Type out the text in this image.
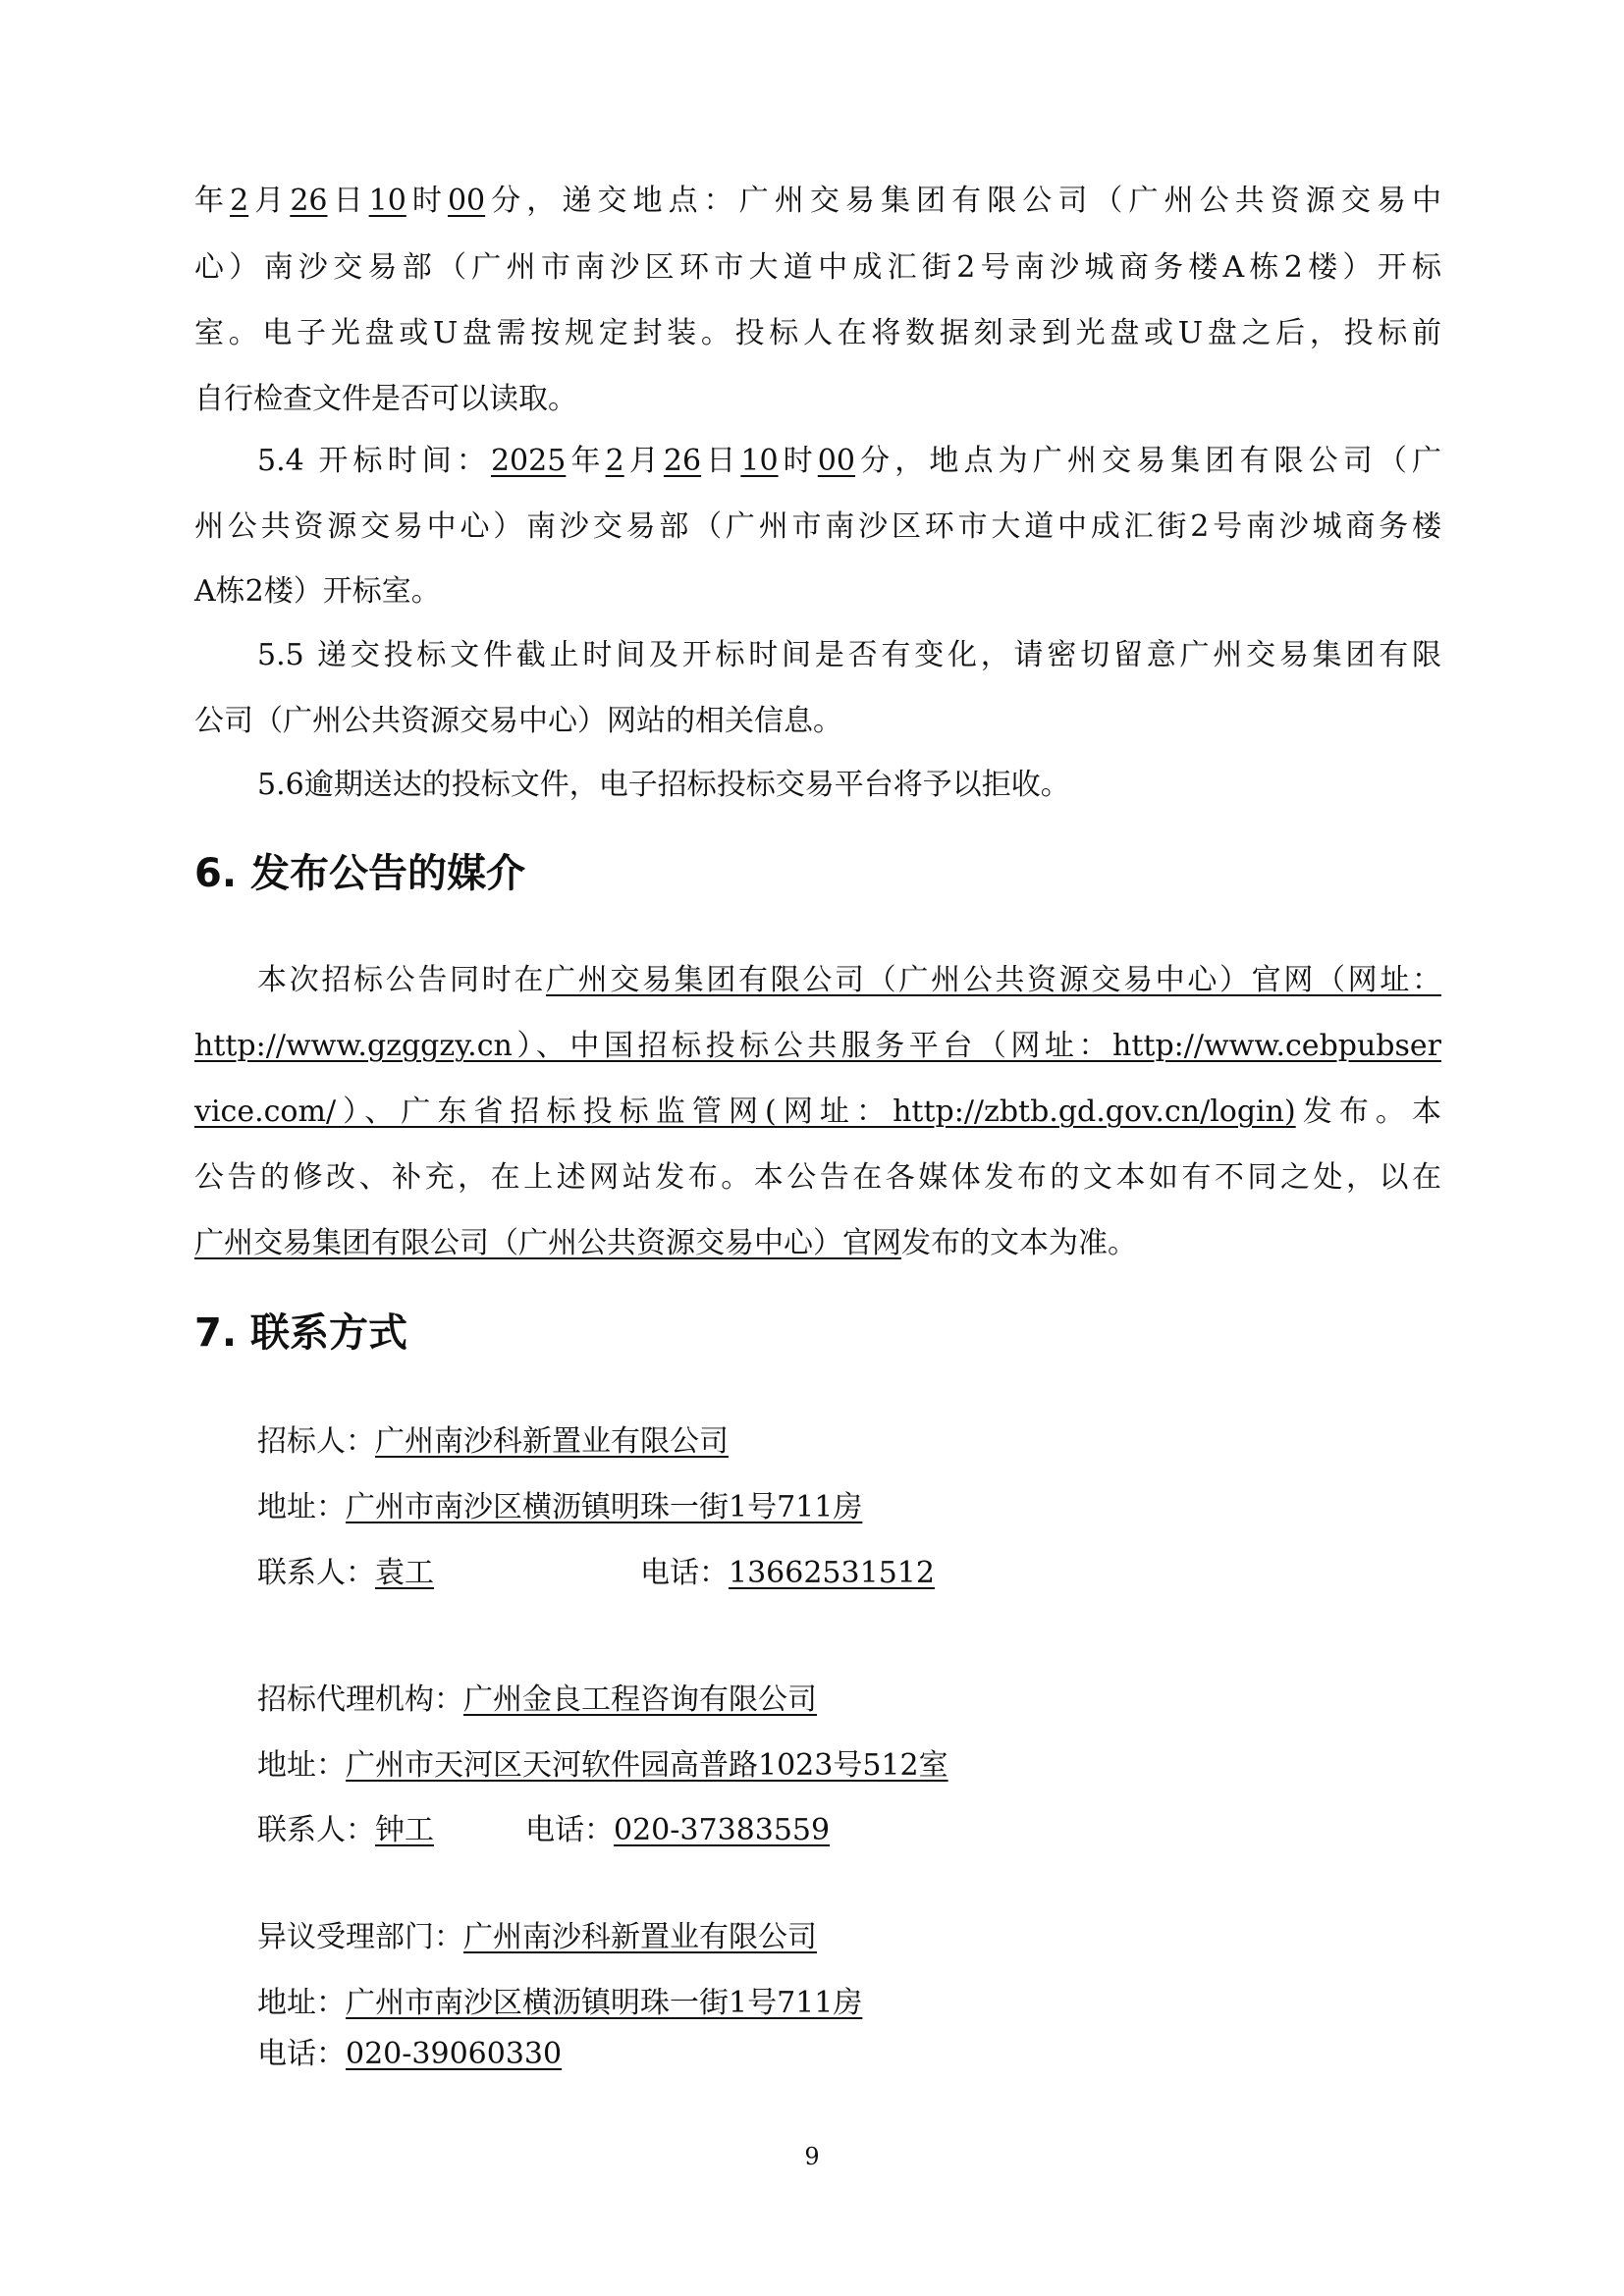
年2月26日10时00分，递交地点：广州交易集团有限公司（广州公共资源交易中
心）南沙交易部（广州市南沙区环市大道中成汇街2号南沙城商务楼A栋2楼）开标
室。电子光盘或U盘需按规定封装。投标人在将数据刻录到光盘或U盘之后，投标前
自行检查文件是否可以读取。
5.4 开标时间：2025年2月26日10时00分，地点为广州交易集团有限公司（广
州公共资源交易中心）南沙交易部（广州市南沙区环市大道中成汇街2号南沙城商务楼
A栋2楼）开标室。
5.5 递交投标文件截止时间及开标时间是否有变化，请密切留意广州交易集团有限
公司（广州公共资源交易中心）网站的相关信息。
5.6逾期送达的投标文件，电子招标投标交易平台将予以拒收。
6. 发布公告的媒介
本次招标公告同时在广州交易集团有限公司（广州公共资源交易中心）官网（网址：
http://www.gzggzy.cn）、中国招标投标公共服务平台（网址：http://www.cebpubser
vice.com/）、广东省招标投标监管网(网址：http://zbtb.gd.gov.cn/login)发布。本
公告的修改、补充，在上述网站发布。本公告在各媒体发布的文本如有不同之处，以在
广州交易集团有限公司（广州公共资源交易中心）官网发布的文本为准。
7. 联系方式
招标人：广州南沙科新置业有限公司
地址：广州市南沙区横沥镇明珠一街1号711房
联系人：袁工	电话：13662531512
招标代理机构：广州金良工程咨询有限公司
地址：广州市天河区天河软件园高普路1023号512室
联系人：钟工	电话：020-37383559
异议受理部门：广州南沙科新置业有限公司
地址：广州市南沙区横沥镇明珠一街1号711房
电话：020-39060330
9
